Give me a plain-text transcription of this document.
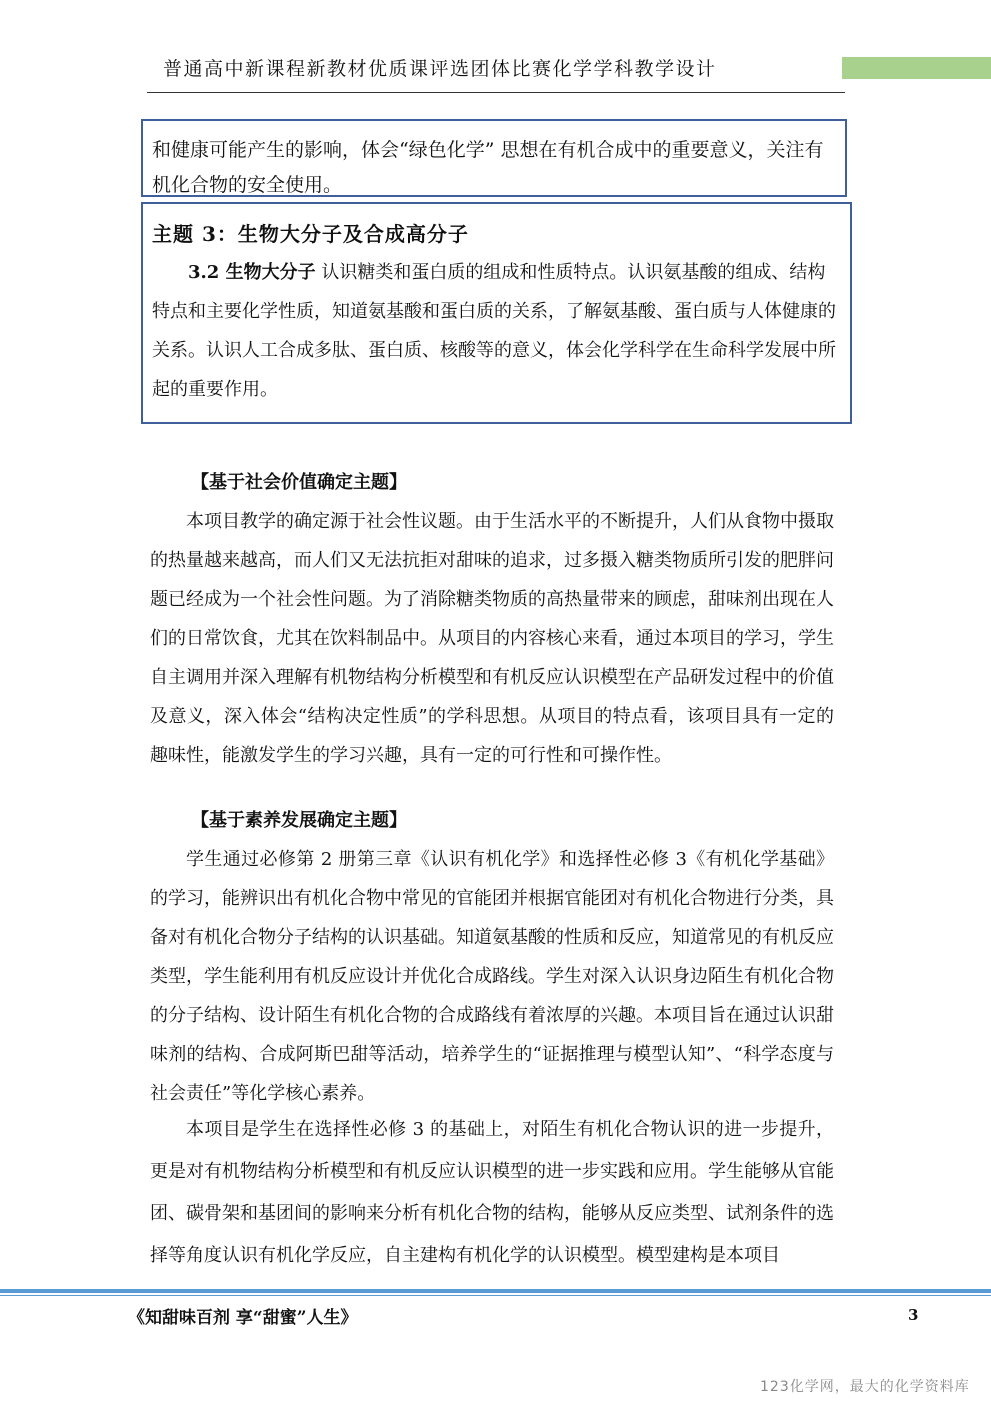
普通高中新课程新教材优质课评选团体比赛化学学科教学设计
和健康可能产生的影响，体会“绿色化学” 思想在有机合成中的重要意义，关注有机化合物的安全使用。

主题 3：生物大分子及合成高分子

3.2 生物大分子 认识糖类和蛋白质的组成和性质特点。认识氨基酸的组成、结构特点和主要化学性质，知道氨基酸和蛋白质的关系，了解氨基酸、蛋白质与人体健康的关系。认识人工合成多肽、蛋白质、核酸等的意义，体会化学科学在生命科学发展中所起的重要作用。

【基于社会价值确定主题】

本项目教学的确定源于社会性议题。由于生活水平的不断提升，人们从食物中摄取的热量越来越高，而人们又无法抗拒对甜味的追求，过多摄入糖类物质所引发的肥胖问题已经成为一个社会性问题。为了消除糖类物质的高热量带来的顾虑，甜味剂出现在人们的日常饮食，尤其在饮料制品中。从项目的内容核心来看，通过本项目的学习，学生自主调用并深入理解有机物结构分析模型和有机反应认识模型在产品研发过程中的价值及意义，深入体会“结构决定性质”的学科思想。从项目的特点看，该项目具有一定的趣味性，能激发学生的学习兴趣，具有一定的可行性和可操作性。

【基于素养发展确定主题】

学生通过必修第 2 册第三章《认识有机化学》和选择性必修 3《有机化学基础》的学习，能辨识出有机化合物中常见的官能团并根据官能团对有机化合物进行分类，具备对有机化合物分子结构的认识基础。知道氨基酸的性质和反应，知道常见的有机反应类型，学生能利用有机反应设计并优化合成路线。学生对深入认识身边陌生有机化合物的分子结构、设计陌生有机化合物的合成路线有着浓厚的兴趣。本项目旨在通过认识甜味剂的结构、合成阿斯巴甜等活动，培养学生的“证据推理与模型认知”、“科学态度与社会责任”等化学核心素养。

本项目是学生在选择性必修 3 的基础上，对陌生有机化合物认识的进一步提升，更是对有机物结构分析模型和有机反应认识模型的进一步实践和应用。学生能够从官能团、碳骨架和基团间的影响来分析有机化合物的结构，能够从反应类型、试剂条件的选择等角度认识有机化学反应，自主建构有机化学的认识模型。模型建构是本项目

《知甜味百剂 享“甜蜜”人生》	3
123化学网，最大的化学资料库
